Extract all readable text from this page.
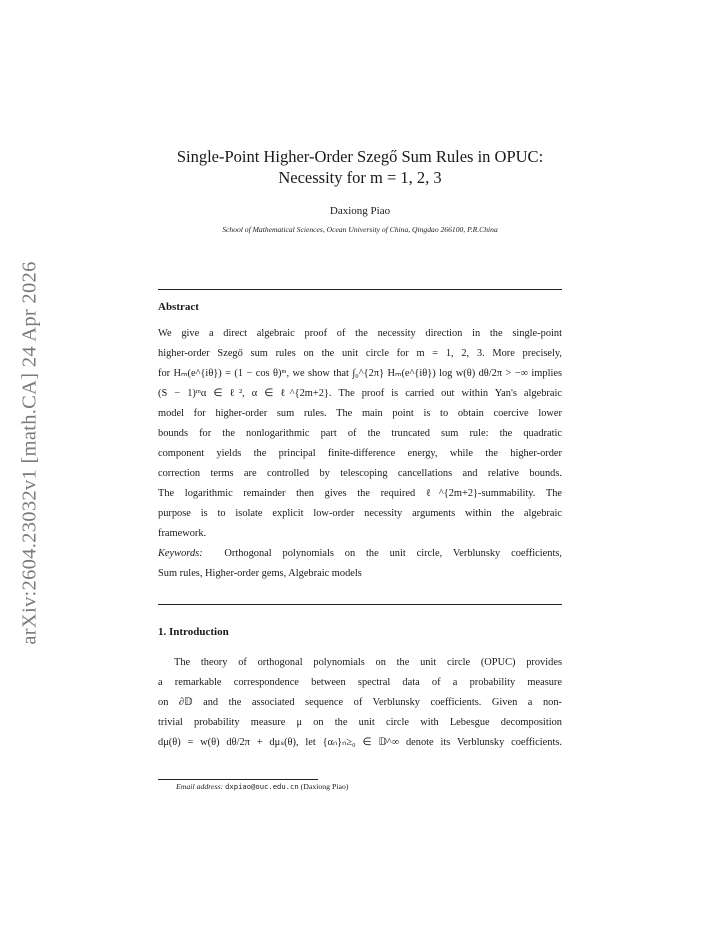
arXiv:2604.23032v1 [math.CA] 24 Apr 2026
Single-Point Higher-Order Szegő Sum Rules in OPUC:
Necessity for m = 1, 2, 3
Daxiong Piao
School of Mathematical Sciences, Ocean University of China, Qingdao 266100, P.R.China
Abstract
We give a direct algebraic proof of the necessity direction in the single-point
higher-order Szegő sum rules on the unit circle for m = 1, 2, 3. More precisely,
for Hₘ(e^{iθ}) = (1 − cos θ)ᵐ, we show that ∫₀^{2π} Hₘ(e^{iθ}) log w(θ) dθ/2π > −∞ implies
(S − 1)ᵐα ∈ ℓ², α ∈ ℓ^{2m+2}. The proof is carried out within Yan's algebraic
model for higher-order sum rules. The main point is to obtain coercive lower
bounds for the nonlogarithmic part of the truncated sum rule: the quadratic
component yields the principal finite-difference energy, while the higher-order
correction terms are controlled by telescoping cancellations and relative bounds.
The logarithmic remainder then gives the required ℓ^{2m+2}-summability. The
purpose is to isolate explicit low-order necessity arguments within the algebraic
framework.
Keywords: Orthogonal polynomials on the unit circle, Verblunsky coefficients,
Sum rules, Higher-order gems, Algebraic models
1. Introduction
The theory of orthogonal polynomials on the unit circle (OPUC) provides
a remarkable correspondence between spectral data of a probability measure
on ∂𝔻 and the associated sequence of Verblunsky coefficients. Given a non-
trivial probability measure μ on the unit circle with Lebesgue decomposition
dμ(θ) = w(θ) dθ/2π + dμₛ(θ), let {αₙ}ₙ≥₀ ∈ 𝔻^∞ denote its Verblunsky coefficients.
Email address: dxpiao@ouc.edu.cn (Daxiong Piao)
